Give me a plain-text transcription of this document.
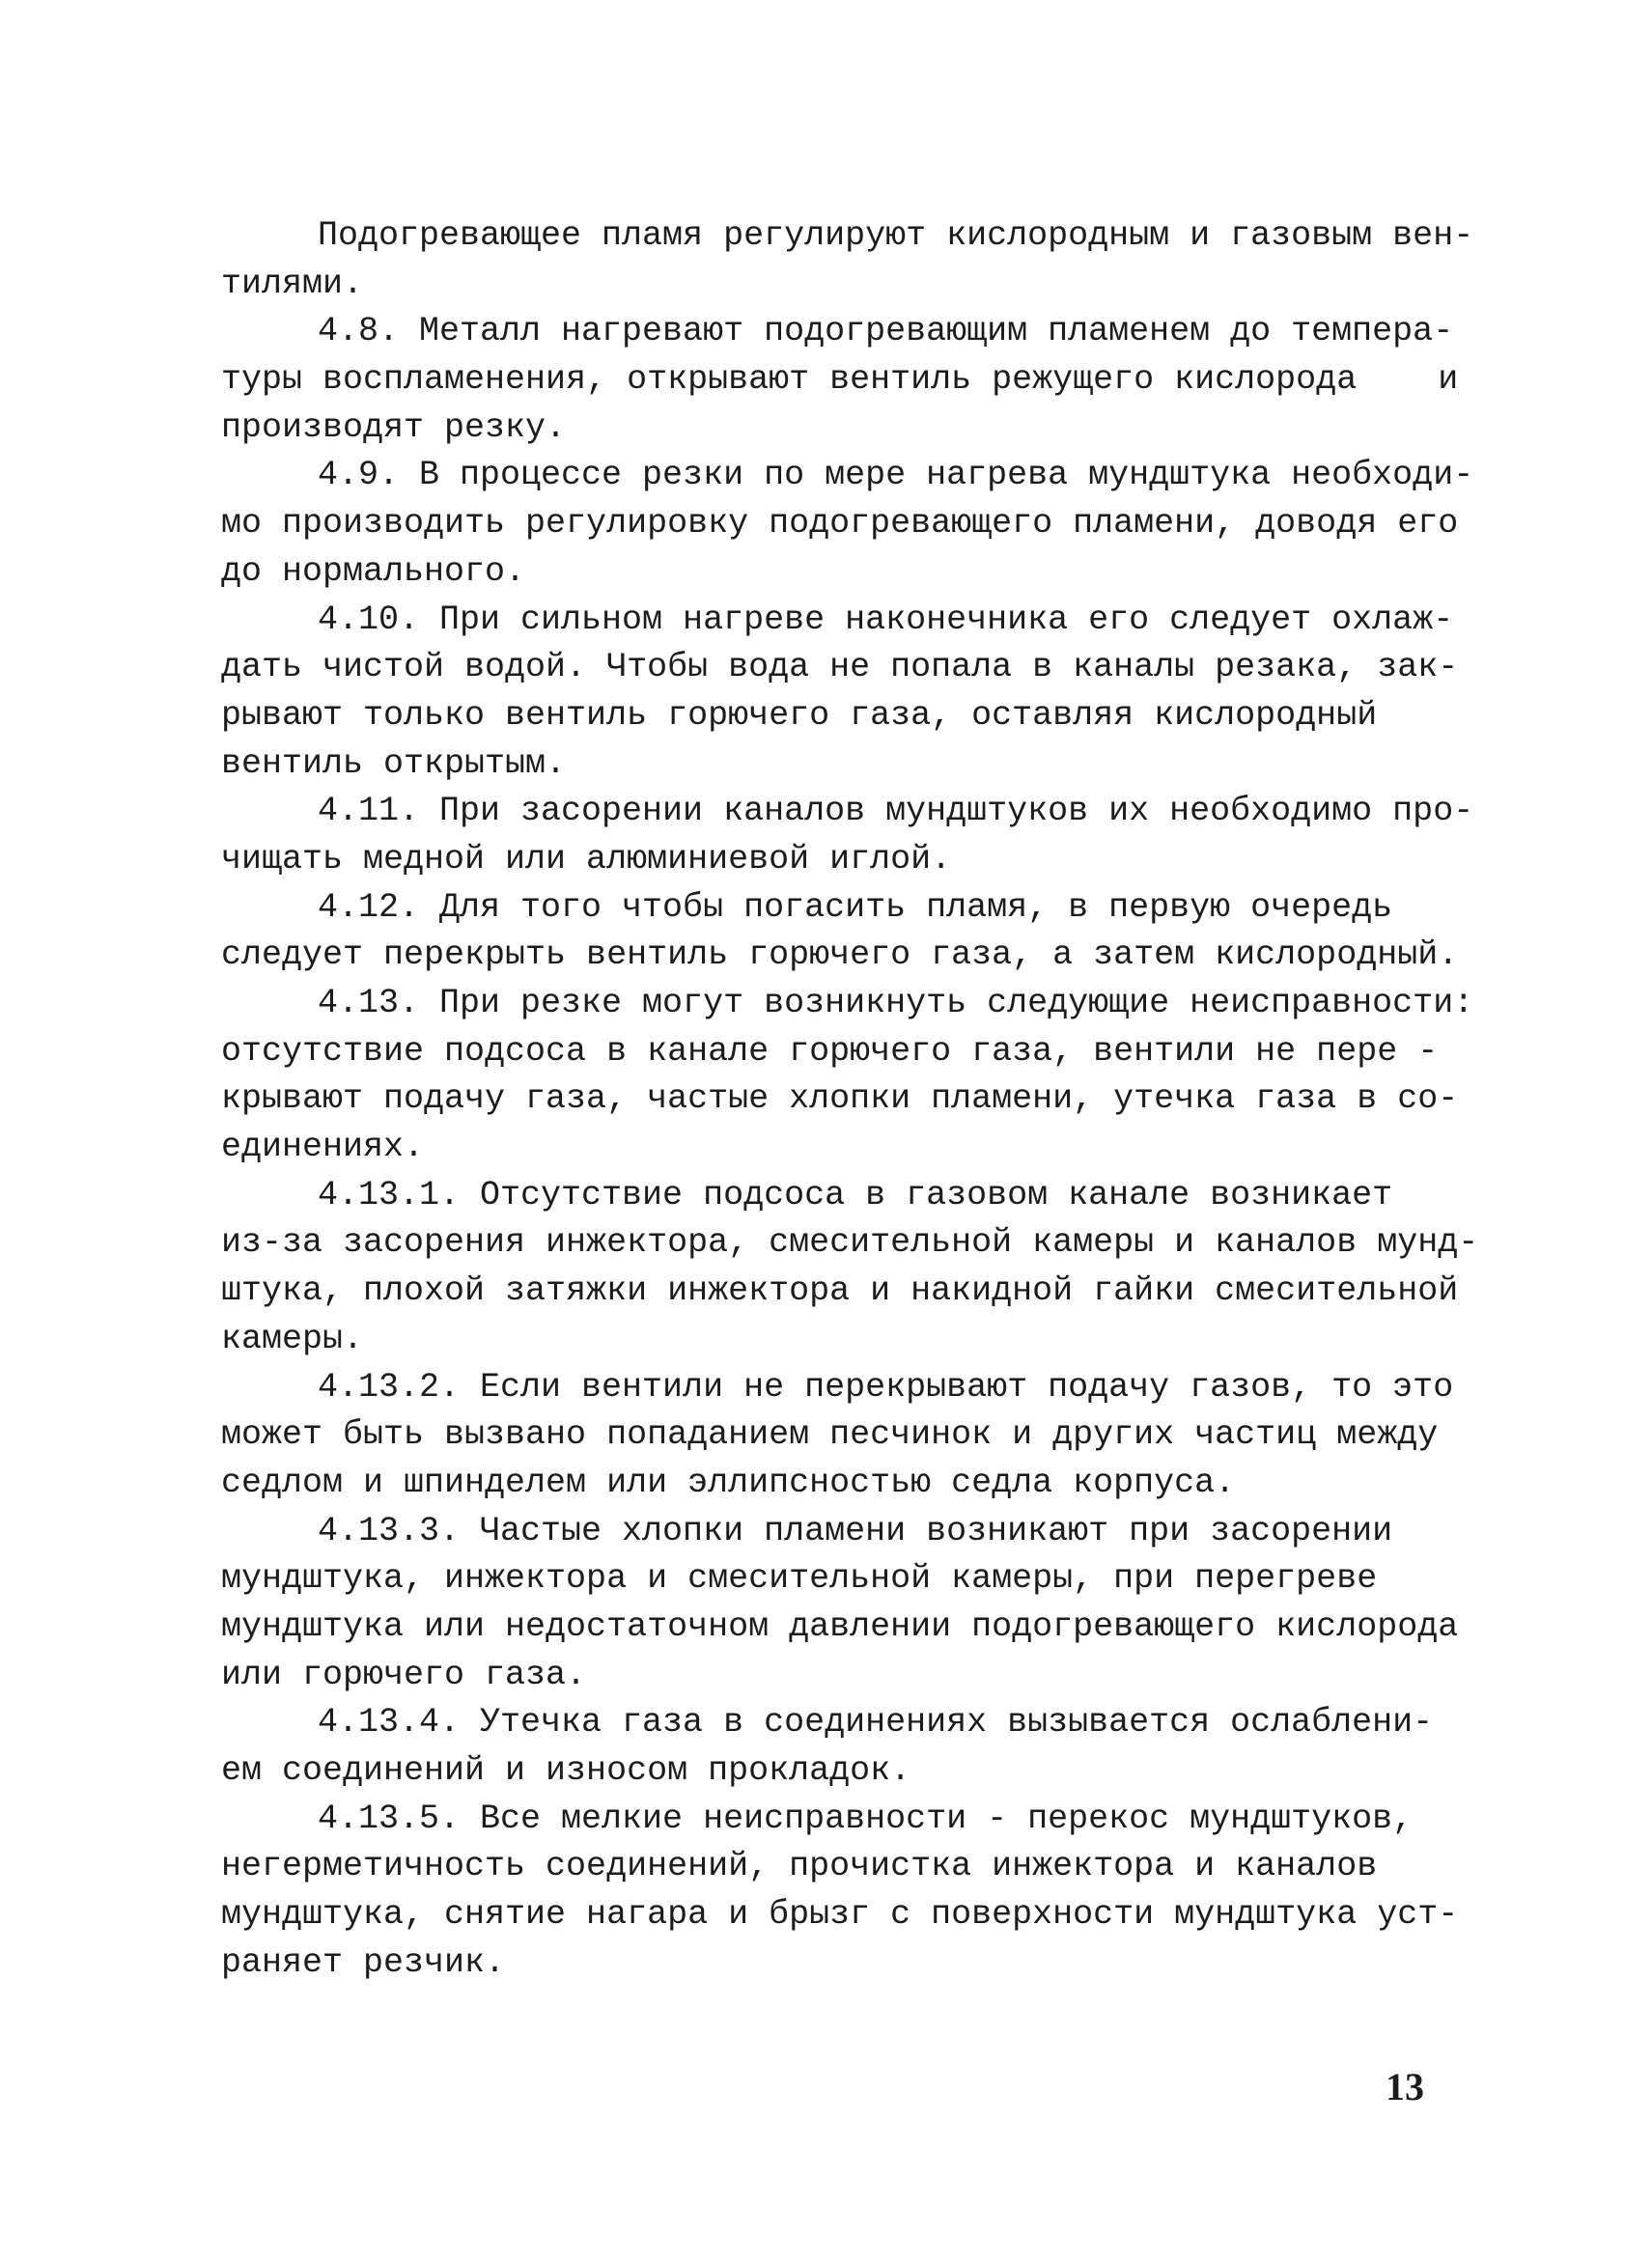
Подогревающее пламя регулируют кислородным и газовым вен-
тилями.
4.8. Металл нагревают подогревающим пламенем до темпера-
туры воспламенения, открывают вентиль режущего кислорода    и
производят резку.
4.9. В процессе резки по мере нагрева мундштука необходи-
мо производить регулировку подогревающего пламени, доводя его
до нормального.
4.10. При сильном нагреве наконечника его следует охлаж-
дать чистой водой. Чтобы вода не попала в каналы резака, зак-
рывают только вентиль горючего газа, оставляя кислородный
вентиль открытым.
4.11. При засорении каналов мундштуков их необходимо про-
чищать медной или алюминиевой иглой.
4.12. Для того чтобы погасить пламя, в первую очередь
следует перекрыть вентиль горючего газа, а затем кислородный.
4.13. При резке могут возникнуть следующие неисправности:
отсутствие подсоса в канале горючего газа, вентили не пере -
крывают подачу газа, частые хлопки пламени, утечка газа в со-
единениях.
4.13.1. Отсутствие подсоса в газовом канале возникает
из-за засорения инжектора, смесительной камеры и каналов мунд-
штука, плохой затяжки инжектора и накидной гайки смесительной
камеры.
4.13.2. Если вентили не перекрывают подачу газов, то это
может быть вызвано попаданием песчинок и других частиц между
седлом и шпинделем или эллипсностью седла корпуса.
4.13.3. Частые хлопки пламени возникают при засорении
мундштука, инжектора и смесительной камеры, при перегреве
мундштука или недостаточном давлении подогревающего кислорода
или горючего газа.
4.13.4. Утечка газа в соединениях вызывается ослаблени-
ем соединений и износом прокладок.
4.13.5. Все мелкие неисправности - перекос мундштуков,
негерметичность соединений, прочистка инжектора и каналов
мундштука, снятие нагара и брызг с поверхности мундштука уст-
раняет резчик.
13
